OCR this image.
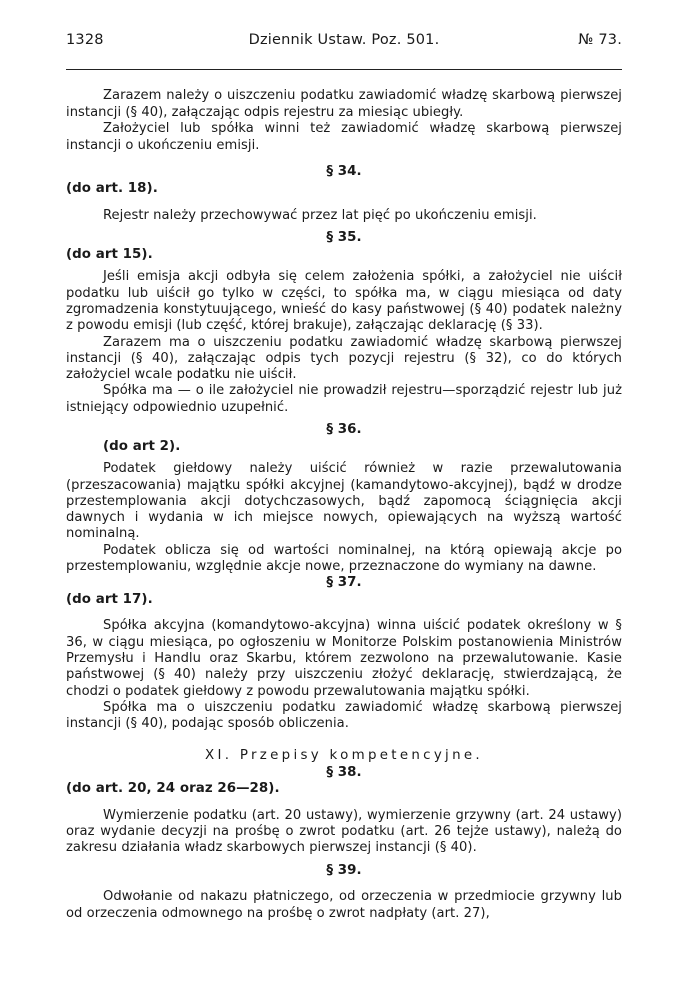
1328	Dziennik Ustaw. Poz. 501.	№ 73.

Zarazem należy o uiszczeniu podatku zawiadomić władzę skarbową pierwszej instancji (§ 40), załączając odpis rejestru za miesiąc ubiegły.

Założyciel lub spółka winni też zawiadomić władzę skarbową pierwszej instancji o ukończeniu emisji.

§ 34.

(do art. 18).

Rejestr należy przechowywać przez lat pięć po ukończeniu emisji.

§ 35.

(do art 15).

Jeśli emisja akcji odbyła się celem założenia spółki, a założyciel nie uiścił podatku lub uiścił go tylko w części, to spółka ma, w ciągu miesiąca od daty zgromadzenia konstytuującego, wnieść do kasy państwowej (§ 40) podatek należny z powodu emisji (lub część, której brakuje), załączając deklarację (§ 33).

Zarazem ma o uiszczeniu podatku zawiadomić władzę skarbową pierwszej instancji (§ 40), załączając odpis tych pozycji rejestru (§ 32), co do których założyciel wcale podatku nie uiścił.

Spółka ma — o ile założyciel nie prowadził rejestru—sporządzić rejestr lub już istniejący odpowiednio uzupełnić.

§ 36.

(do art 2).

Podatek giełdowy należy uiścić również w razie przewalutowania (przeszacowania) majątku spółki akcyjnej (kamandytowo-akcyjnej), bądź w drodze przestemplowania akcji dotychczasowych, bądź zapomocą ściągnięcia akcji dawnych i wydania w ich miejsce nowych, opiewających na wyższą wartość nominalną.

Podatek oblicza się od wartości nominalnej, na którą opiewają akcje po przestemplowaniu, względnie akcje nowe, przeznaczone do wymiany na dawne.

§ 37.

(do art 17).

Spółka akcyjna (komandytowo-akcyjna) winna uiścić podatek określony w § 36, w ciągu miesiąca, po ogłoszeniu w Monitorze Polskim postanowienia Ministrów Przemysłu i Handlu oraz Skarbu, którem zezwolono na przewalutowanie. Kasie państwowej (§ 40) należy przy uiszczeniu złożyć deklarację, stwierdzającą, że chodzi o podatek giełdowy z powodu przewalutowania majątku spółki.

Spółka ma o uiszczeniu podatku zawiadomić władzę skarbową pierwszej instancji (§ 40), podając sposób obliczenia.

XI. Przepisy kompetencyjne.

§ 38.

(do art. 20, 24 oraz 26—28).

Wymierzenie podatku (art. 20 ustawy), wymierzenie grzywny (art. 24 ustawy) oraz wydanie decyzji na prośbę o zwrot podatku (art. 26 tejże ustawy), należą do zakresu działania władz skarbowych pierwszej instancji (§ 40).

§ 39.

Odwołanie od nakazu płatniczego, od orzeczenia w przedmiocie grzywny lub od orzeczenia odmownego na prośbę o zwrot nadpłaty (art. 27),
